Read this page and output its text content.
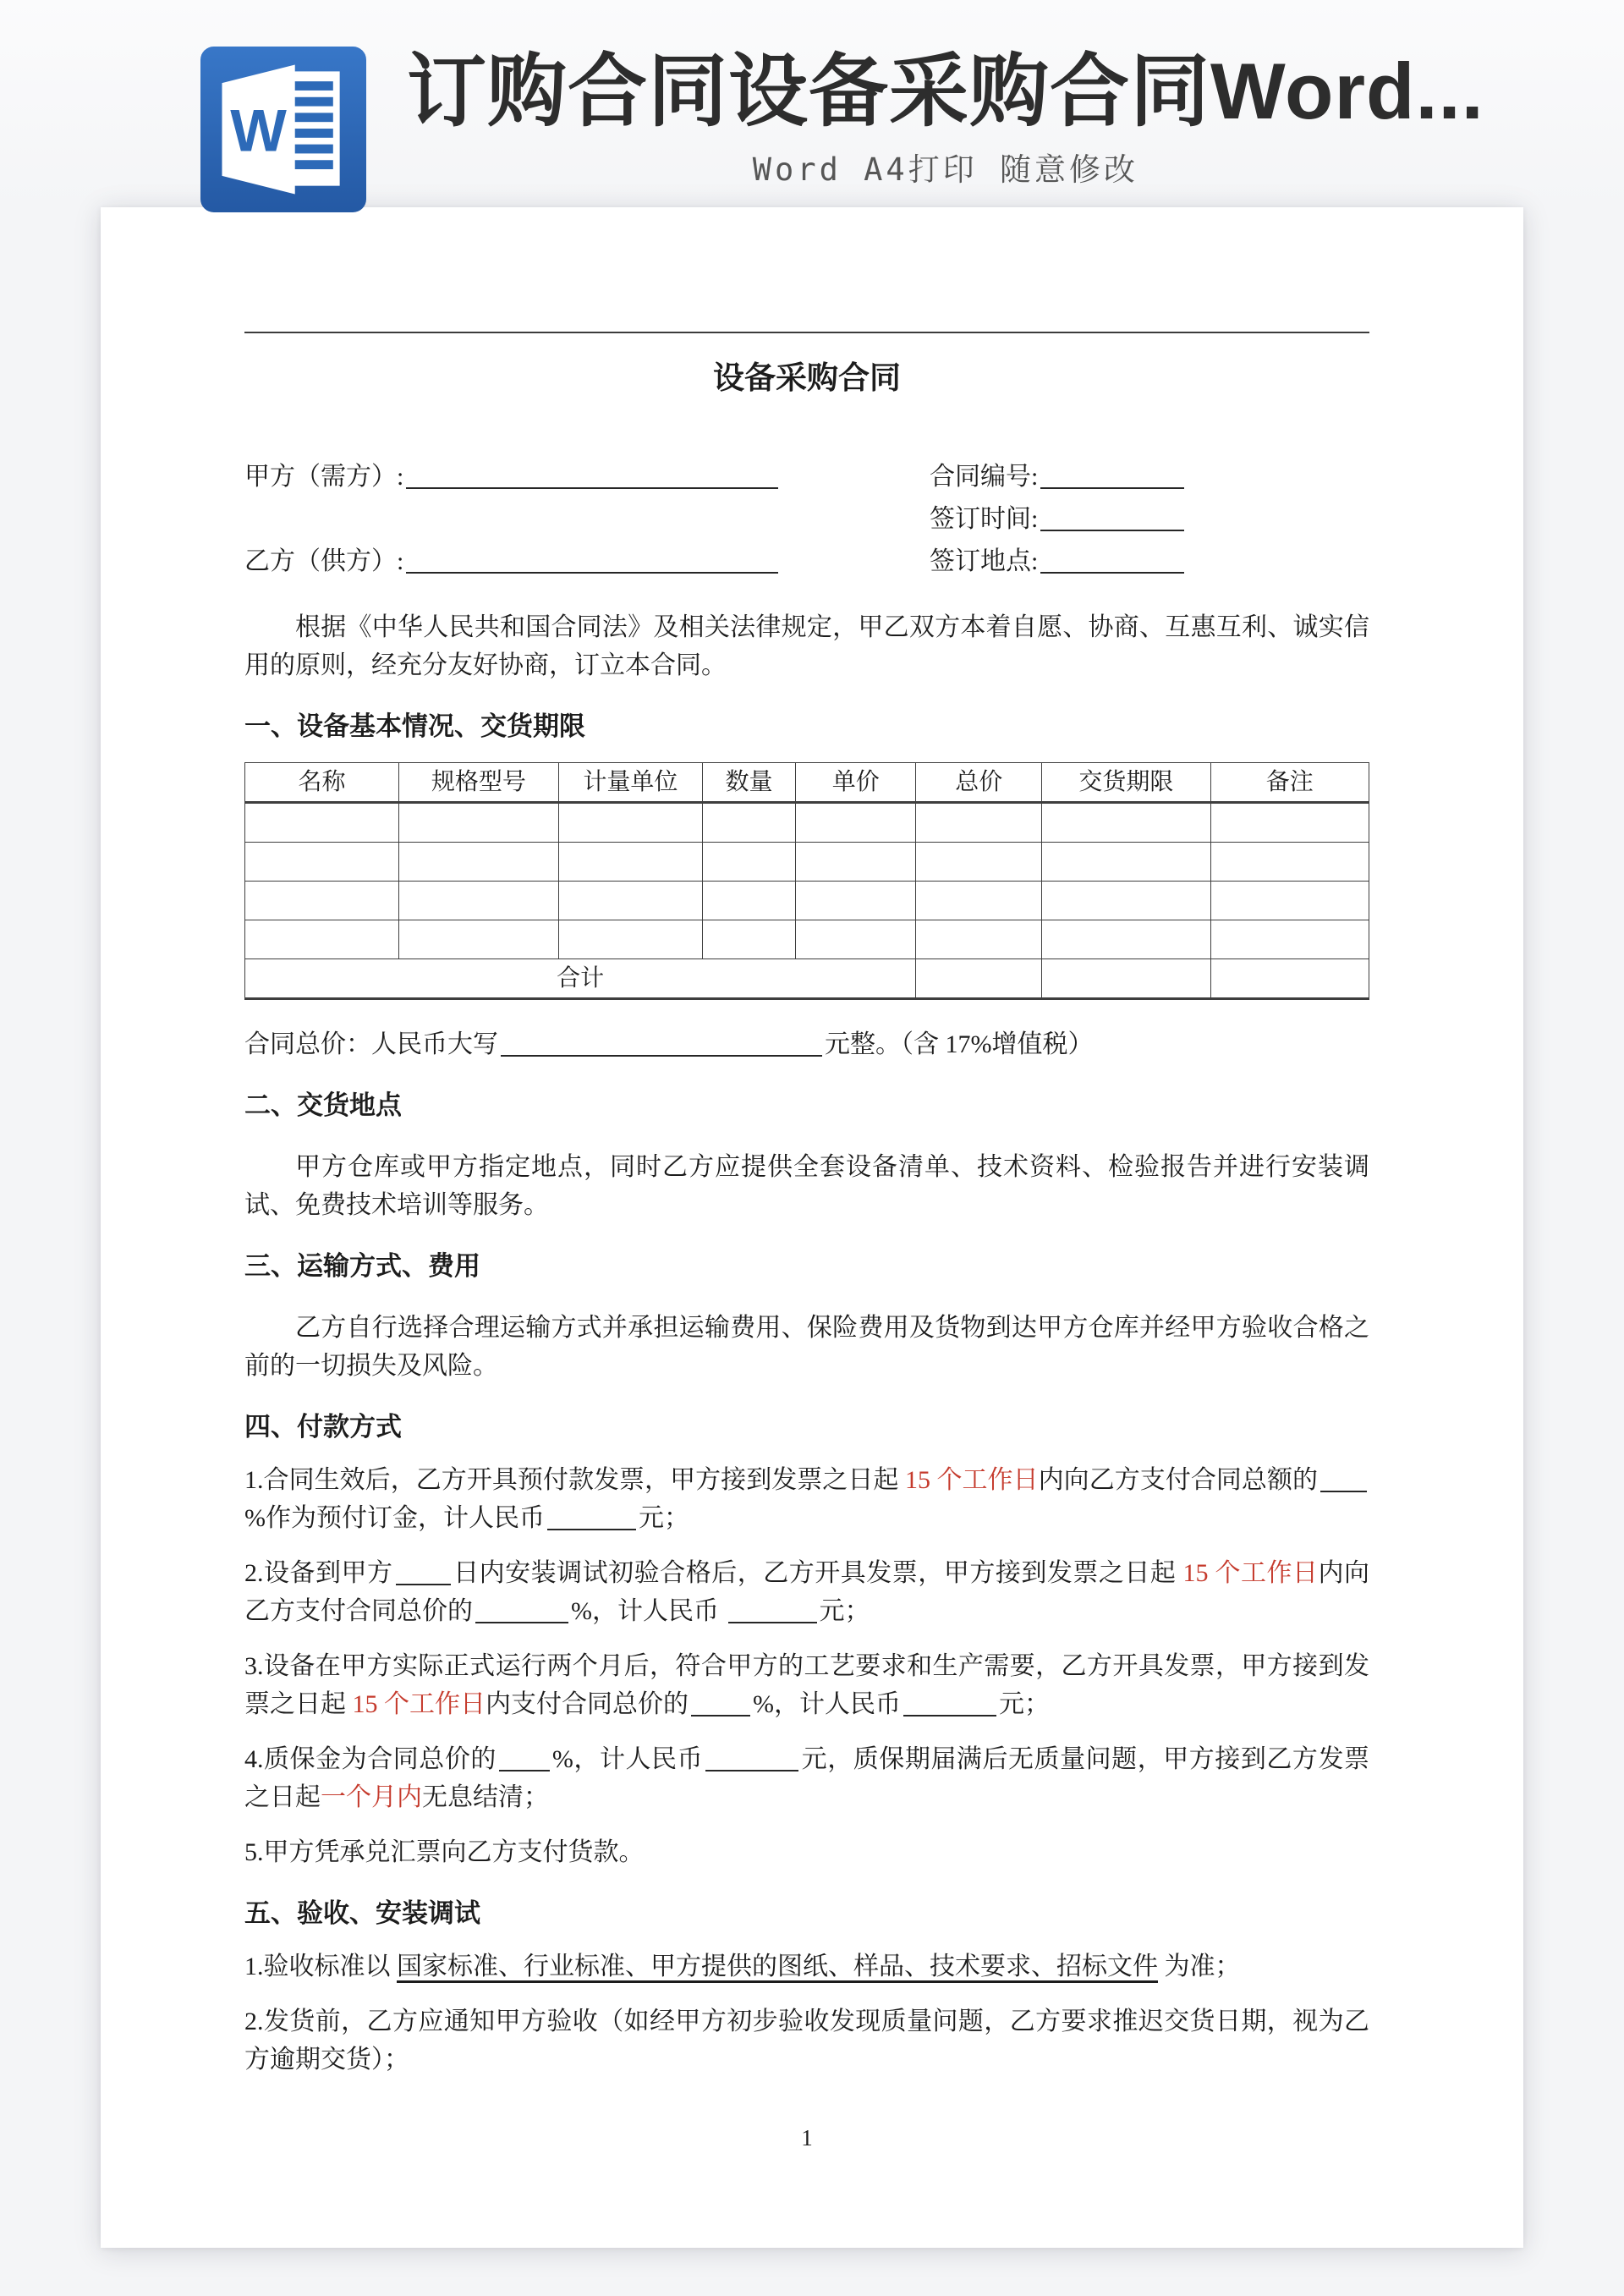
W 订购合同设备采购合同Word...
Word A4打印 随意修改
设备采购合同
甲方（需方）:	合同编号:
签订时间:
乙方（供方）:	签订地点:
根据《中华人民共和国合同法》及相关法律规定，甲乙双方本着自愿、协商、互惠互利、诚实信用的原则，经充分友好协商，订立本合同。
一、设备基本情况、交货期限
名称	规格型号	计量单位	数量	单价	总价	交货期限	备注

合计							
合同总价：人民币大写	元整。（含 17%增值税）
二、交货地点
甲方仓库或甲方指定地点，同时乙方应提供全套设备清单、技术资料、检验报告并进行安装调试、免费技术培训等服务。
三、运输方式、费用
乙方自行选择合理运输方式并承担运输费用、保险费用及货物到达甲方仓库并经甲方验收合格之前的一切损失及风险。
四、付款方式
1.合同生效后，乙方开具预付款发票，甲方接到发票之日起 15 个工作日内向乙方支付合同总额的%作为预付订金，计人民币	元；
2.设备到甲方 日内安装调试初验合格后，乙方开具发票，甲方接到发票之日起 15 个工作日内向乙方支付合同总价的	%，计人民币	元；
3.设备在甲方实际正式运行两个月后，符合甲方的工艺要求和生产需要，乙方开具发票，甲方接到发票之日起 15 个工作日内支付合同总价的	%，计人民币	元；
4.质保金为合同总价的 %，计人民币	元，质保期届满后无质量问题，甲方接到乙方发票之日起一个月内无息结清；
5.甲方凭承兑汇票向乙方支付货款。
五、验收、安装调试
1.验收标准以 国家标准、行业标准、甲方提供的图纸、样品、技术要求、招标文件 为准；
2.发货前，乙方应通知甲方验收（如经甲方初步验收发现质量问题，乙方要求推迟交货日期，视为乙方逾期交货）；
1
